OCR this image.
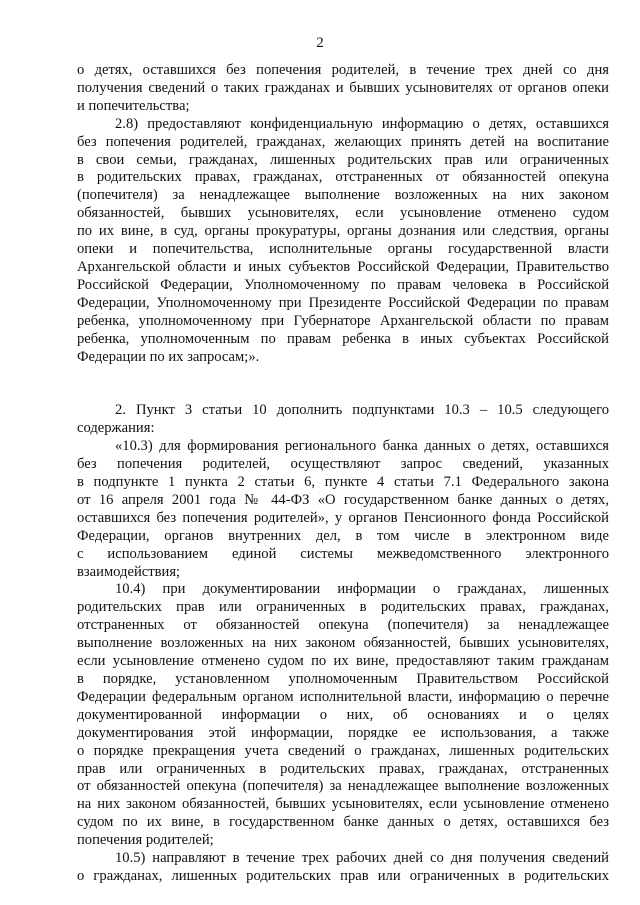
2
о детях, оставшихся без попечения родителей, в течение трех дней со дня
получения сведений о таких гражданах и бывших усыновителях от органов опеки
и попечительства;
2.8) предоставляют конфиденциальную информацию о детях, оставшихся
без попечения родителей, гражданах, желающих принять детей на воспитание
в свои семьи, гражданах, лишенных родительских прав или ограниченных
в родительских правах, гражданах, отстраненных от обязанностей опекуна
(попечителя) за ненадлежащее выполнение возложенных на них законом
обязанностей, бывших усыновителях, если усыновление отменено судом
по их вине, в суд, органы прокуратуры, органы дознания или следствия, органы
опеки и попечительства, исполнительные органы государственной власти
Архангельской области и иных субъектов Российской Федерации, Правительство
Российской Федерации, Уполномоченному по правам человека в Российской
Федерации, Уполномоченному при Президенте Российской Федерации по правам
ребенка, уполномоченному при Губернаторе Архангельской области по правам
ребенка, уполномоченным по правам ребенка в иных субъектах Российской
Федерации по их запросам;».
2. Пункт 3 статьи 10 дополнить подпунктами 10.3 – 10.5 следующего
содержания:
«10.3) для формирования регионального банка данных о детях, оставшихся
без попечения родителей, осуществляют запрос сведений, указанных
в подпункте 1 пункта 2 статьи 6, пункте 4 статьи 7.1 Федерального закона
от 16 апреля 2001 года № 44-ФЗ «О государственном банке данных о детях,
оставшихся без попечения родителей», у органов Пенсионного фонда Российской
Федерации, органов внутренних дел, в том числе в электронном виде
с использованием единой системы межведомственного электронного
взаимодействия;
10.4) при документировании информации о гражданах, лишенных
родительских прав или ограниченных в родительских правах, гражданах,
отстраненных от обязанностей опекуна (попечителя) за ненадлежащее
выполнение возложенных на них законом обязанностей, бывших усыновителях,
если усыновление отменено судом по их вине, предоставляют таким гражданам
в порядке, установленном уполномоченным Правительством Российской
Федерации федеральным органом исполнительной власти, информацию о перечне
документированной информации о них, об основаниях и о целях
документирования этой информации, порядке ее использования, а также
о порядке прекращения учета сведений о гражданах, лишенных родительских
прав или ограниченных в родительских правах, гражданах, отстраненных
от обязанностей опекуна (попечителя) за ненадлежащее выполнение возложенных
на них законом обязанностей, бывших усыновителях, если усыновление отменено
судом по их вине, в государственном банке данных о детях, оставшихся без
попечения родителей;
10.5) направляют в течение трех рабочих дней со дня получения сведений
о гражданах, лишенных родительских прав или ограниченных в родительских
